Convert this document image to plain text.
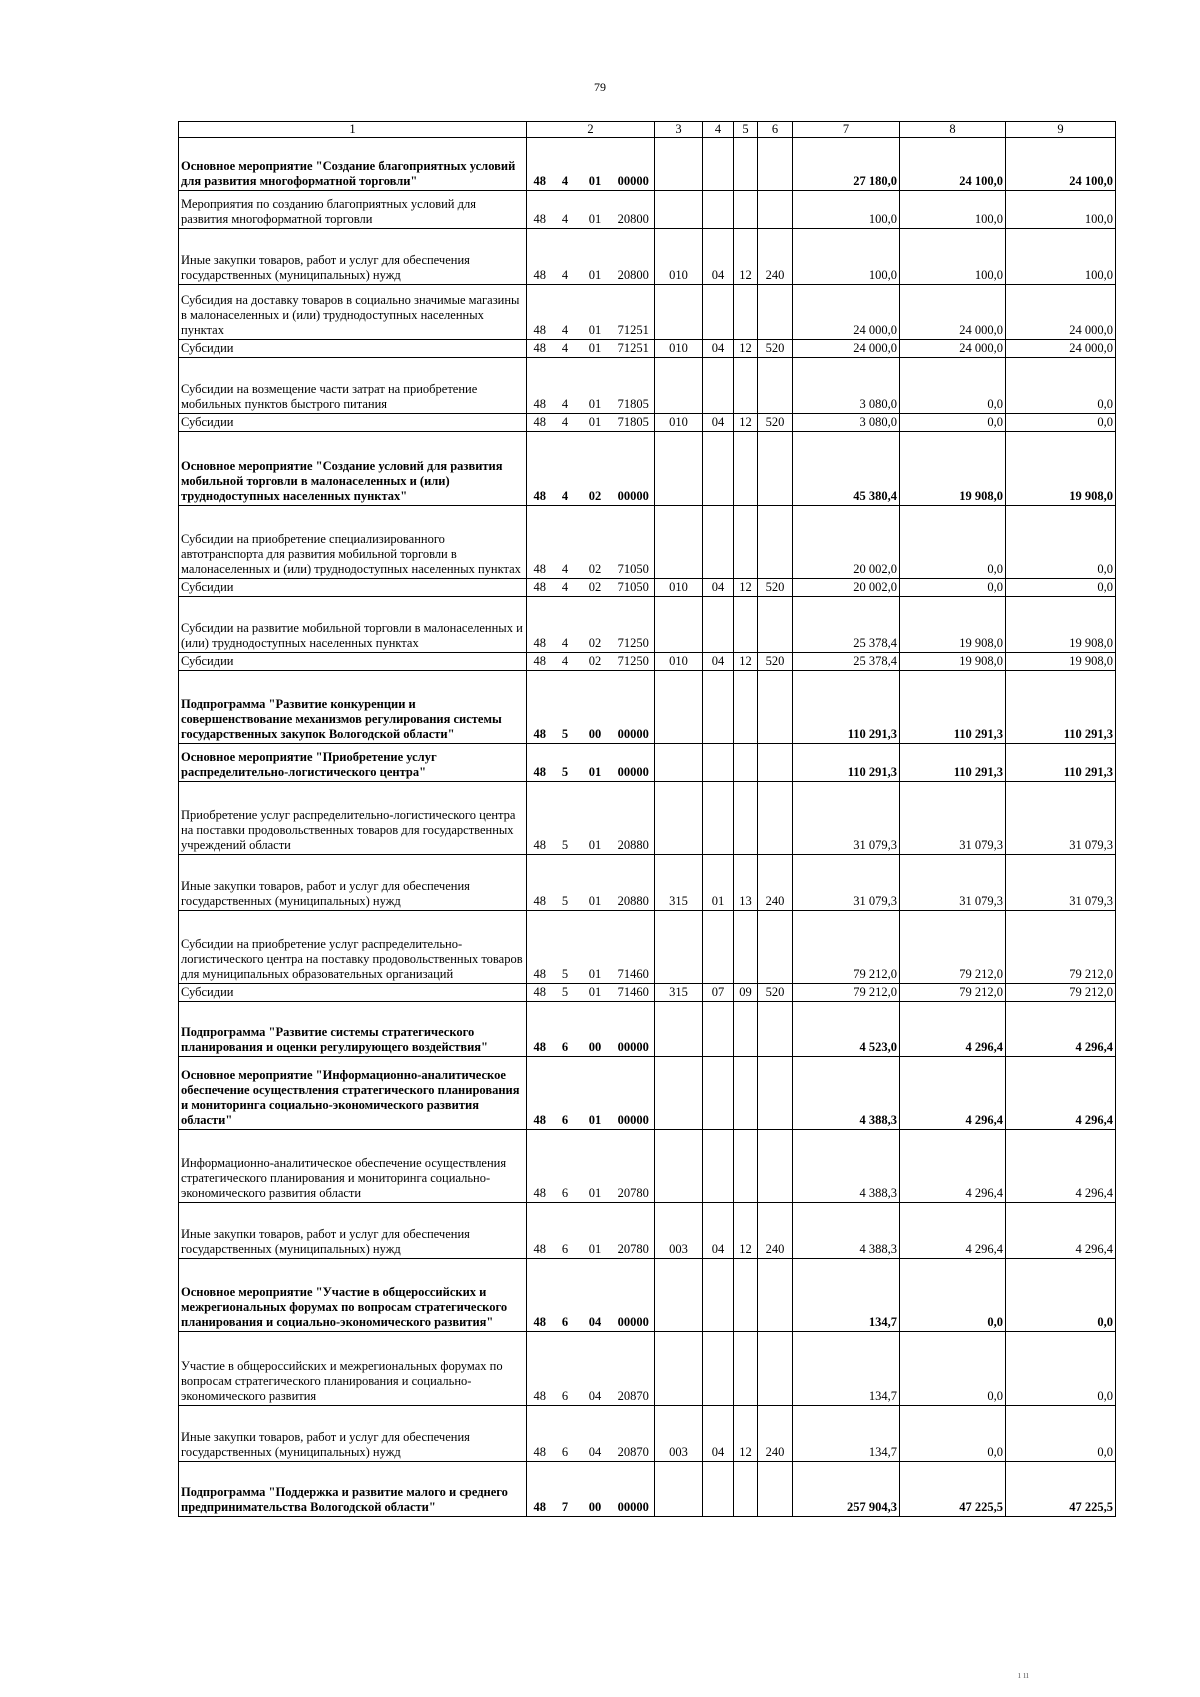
79
1	2				3	4	5	6	7	8	9
Основное мероприятие "Создание благоприятных условий для развития многоформатной торговли"	48	4	01	00000					27 180,0	24 100,0	24 100,0
Мероприятия по созданию благоприятных условий для развития многоформатной торговли	48	4	01	20800					100,0	100,0	100,0
Иные закупки товаров, работ и услуг для обеспечения государственных (муниципальных) нужд	48	4	01	20800	010	04	12	240	100,0	100,0	100,0
Субсидия на доставку товаров в социально значимые магазины в малонаселенных и (или) труднодоступных населенных пунктах	48	4	01	71251					24 000,0	24 000,0	24 000,0
Субсидии	48	4	01	71251	010	04	12	520	24 000,0	24 000,0	24 000,0
Субсидии на возмещение части затрат на приобретение мобильных пунктов быстрого питания	48	4	01	71805					3 080,0	0,0	0,0
Субсидии	48	4	01	71805	010	04	12	520	3 080,0	0,0	0,0
Основное мероприятие "Создание условий для развития мобильной торговли в малонаселенных и (или) труднодоступных населенных пунктах"	48	4	02	00000					45 380,4	19 908,0	19 908,0
Субсидии на приобретение специализированного автотранспорта для развития мобильной торговли в малонаселенных и (или) труднодоступных населенных пунктах	48	4	02	71050					20 002,0	0,0	0,0
Субсидии	48	4	02	71050	010	04	12	520	20 002,0	0,0	0,0
Субсидии на развитие мобильной торговли в малонаселенных и (или) труднодоступных населенных пунктах	48	4	02	71250					25 378,4	19 908,0	19 908,0
Субсидии	48	4	02	71250	010	04	12	520	25 378,4	19 908,0	19 908,0
Подпрограмма "Развитие конкуренции и совершенствование механизмов регулирования системы государственных закупок Вологодской области"	48	5	00	00000					110 291,3	110 291,3	110 291,3
Основное мероприятие "Приобретение услуг распределительно-логистического центра"	48	5	01	00000					110 291,3	110 291,3	110 291,3
Приобретение услуг распределительно-логистического центра на поставки продовольственных товаров для государственных учреждений области	48	5	01	20880					31 079,3	31 079,3	31 079,3
Иные закупки товаров, работ и услуг для обеспечения государственных (муниципальных) нужд	48	5	01	20880	315	01	13	240	31 079,3	31 079,3	31 079,3
Субсидии на приобретение услуг распределительно-логистического центра на поставку продовольственных товаров для муниципальных образовательных организаций	48	5	01	71460					79 212,0	79 212,0	79 212,0
Субсидии	48	5	01	71460	315	07	09	520	79 212,0	79 212,0	79 212,0
Подпрограмма "Развитие системы стратегического планирования и оценки регулирующего воздействия"	48	6	00	00000					4 523,0	4 296,4	4 296,4
Основное мероприятие "Информационно-аналитическое обеспечение осуществления стратегического планирования и мониторинга социально-экономического развития области"	48	6	01	00000					4 388,3	4 296,4	4 296,4
Информационно-аналитическое обеспечение осуществления стратегического планирования и мониторинга социально-экономического развития области	48	6	01	20780					4 388,3	4 296,4	4 296,4
Иные закупки товаров, работ и услуг для обеспечения государственных (муниципальных) нужд	48	6	01	20780	003	04	12	240	4 388,3	4 296,4	4 296,4
Основное мероприятие "Участие в общероссийских и межрегиональных форумах по вопросам стратегического планирования и социально-экономического развития"	48	6	04	00000					134,7	0,0	0,0
Участие в общероссийских и межрегиональных форумах по вопросам стратегического планирования и социально-экономического развития	48	6	04	20870					134,7	0,0	0,0
Иные закупки товаров, работ и услуг для обеспечения государственных (муниципальных) нужд	48	6	04	20870	003	04	12	240	134,7	0,0	0,0
Подпрограмма "Поддержка и развитие малого и среднего предпринимательства Вологодской области"	48	7	00	00000					257 904,3	47 225,5	47 225,5
ı ıı
